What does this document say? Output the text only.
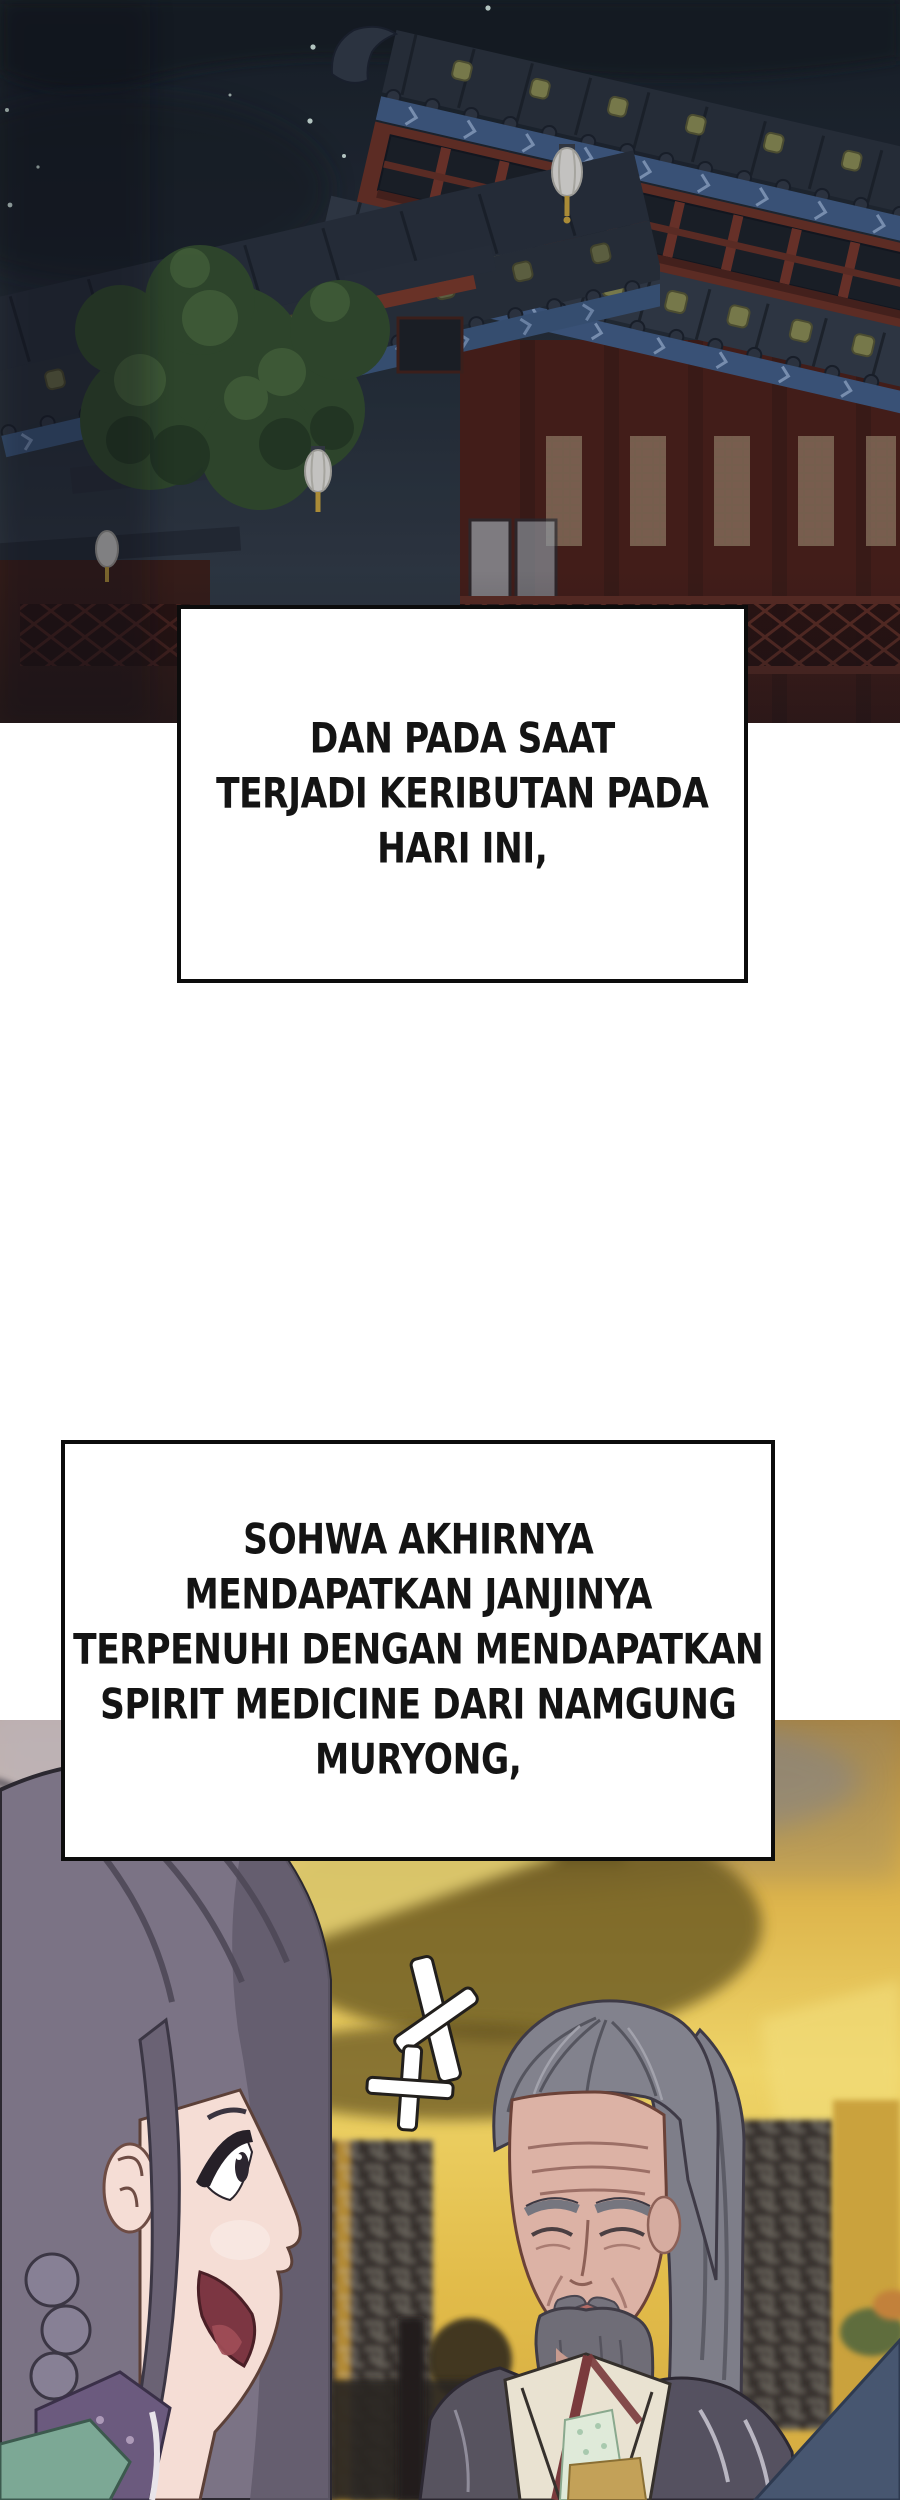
DAN PADA SAAT
TERJADI KERIBUTAN PADA
HARI INI,
SOHWA AKHIRNYA
MENDAPATKAN JANJINYA
TERPENUHI DENGAN MENDAPATKAN
SPIRIT MEDICINE DARI NAMGUNG
MURYONG,
